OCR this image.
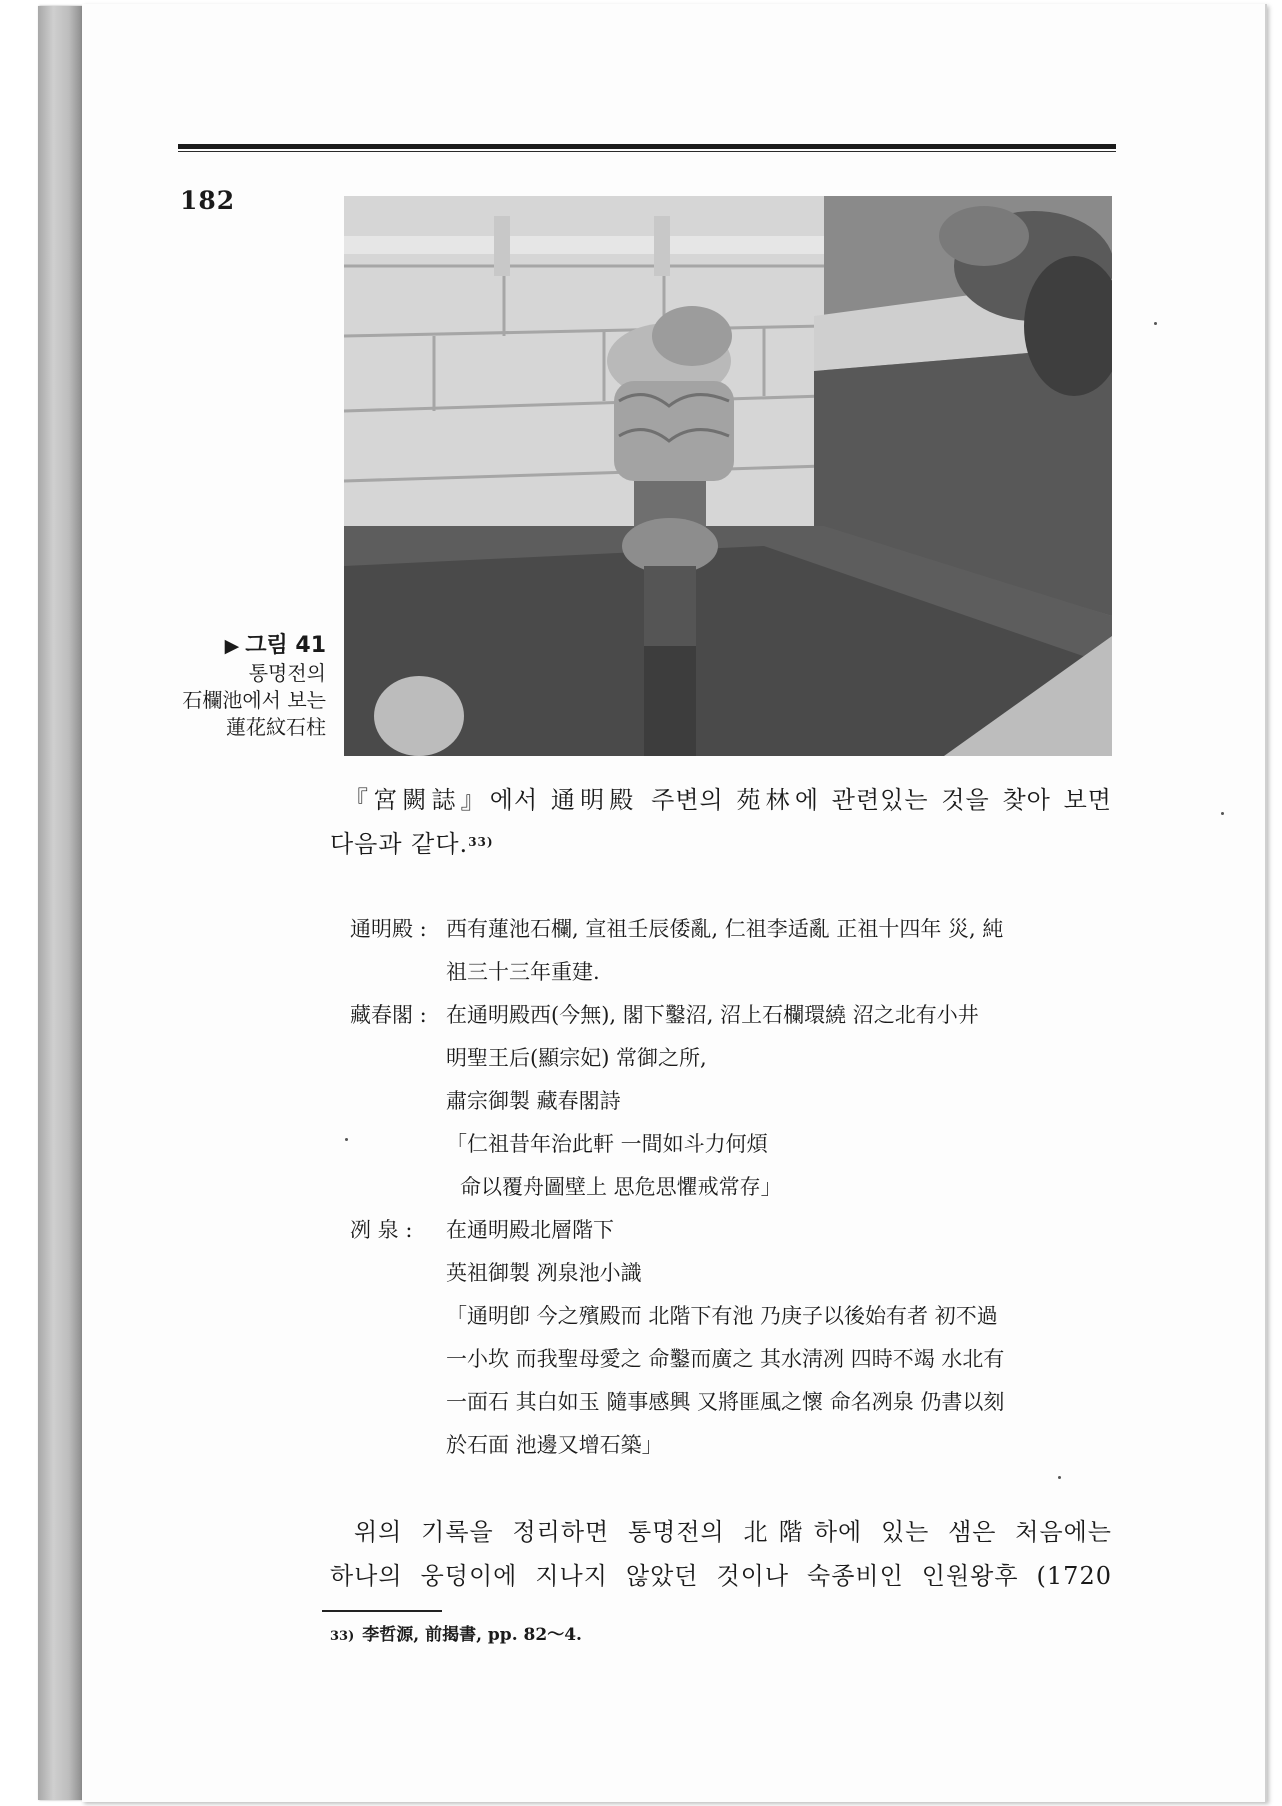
182
▶ 그림 41
통명전의
石欄池에서 보는
蓮花紋石柱
『宮闕誌』에서 通明殿 주변의 苑林에 관련있는 것을 찾아 보면
다음과 같다.$^{33)}$
通明殿 : 西有蓮池石欄, 宣祖壬辰倭亂, 仁祖李适亂 正祖十四年 災, 純
祖三十三年重建.
藏春閣 : 在通明殿西(今無), 閣下鑿沼, 沼上石欄環繞 沼之北有小井
明聖王后(顯宗妃) 常御之所,
肅宗御製 藏春閣詩
「仁祖昔年治此軒 一間如斗力何煩
命以覆舟圖壁上 思危思懼戒常存」
冽 泉 :	在通明殿北層階下
英祖御製 冽泉池小識
「通明卽 今之殯殿而 北階下有池 乃庚子以後始有者 初不過
一小坎 而我聖母愛之 命鑿而廣之 其水淸冽 四時不竭 水北有
一面石 其白如玉 隨事感興 又將匪風之懷 命名冽泉 仍書以刻
於石面 池邊又增石築」
위의 기록을 정리하면 통명전의 北階하에 있는 샘은 처음에는
하나의 웅덩이에 지나지 않았던 것이나 숙종비인 인원왕후 (1720
33) 李哲源, 前揭書, pp. 82～4.
